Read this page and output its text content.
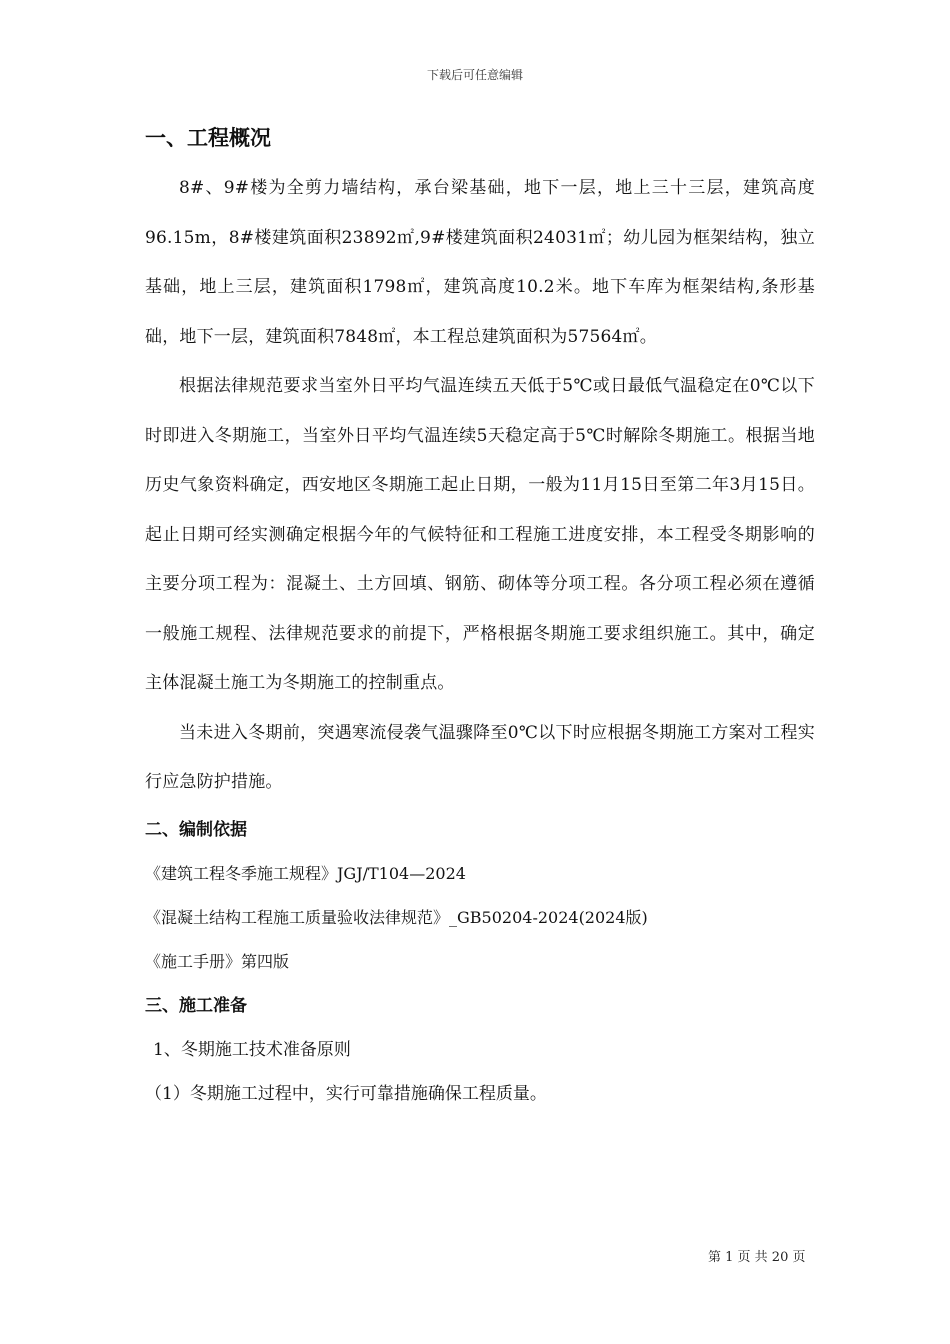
下载后可任意编辑
一、工程概况

8#、9#楼为全剪力墙结构，承台梁基础，地下一层，地上三十三层，建筑高度96.15m，8#楼建筑面积23892㎡,9#楼建筑面积24031㎡；幼儿园为框架结构，独立基础，地上三层，建筑面积1798㎡，建筑高度10.2米。地下车库为框架结构,条形基础，地下一层，建筑面积7848㎡，本工程总建筑面积为57564㎡。

根据法律规范要求当室外日平均气温连续五天低于5℃或日最低气温稳定在0℃以下时即进入冬期施工，当室外日平均气温连续5天稳定高于5℃时解除冬期施工。根据当地历史气象资料确定，西安地区冬期施工起止日期，一般为11月15日至第二年3月15日。起止日期可经实测确定根据今年的气候特征和工程施工进度安排，本工程受冬期影响的主要分项工程为：混凝土、土方回填、钢筋、砌体等分项工程。各分项工程必须在遵循一般施工规程、法律规范要求的前提下，严格根据冬期施工要求组织施工。其中，确定主体混凝土施工为冬期施工的控制重点。

当未进入冬期前，突遇寒流侵袭气温骤降至0℃以下时应根据冬期施工方案对工程实行应急防护措施。

二、编制依据

《建筑工程冬季施工规程》JGJ/T104—2024

《混凝土结构工程施工质量验收法律规范》_GB50204-2024(2024版)

《施工手册》第四版

三、施工准备

1、冬期施工技术准备原则

（1）冬期施工过程中，实行可靠措施确保工程质量。

第 1 页 共 20 页
